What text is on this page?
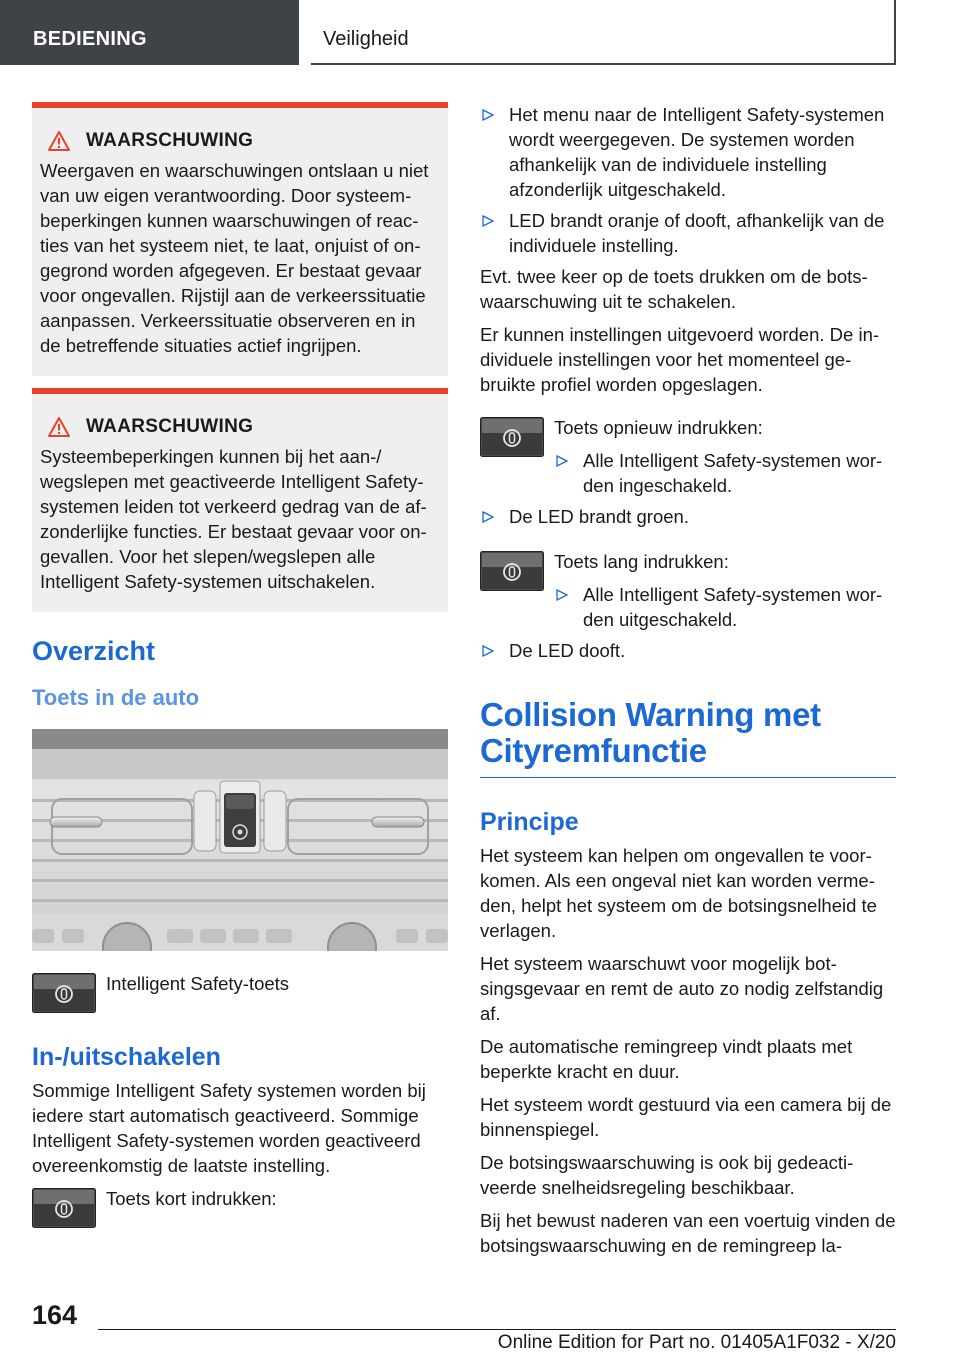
BEDIENING	Veiligheid
WAARSCHUWING
Weergaven en waarschuwingen ontslaan u niet van uw eigen verantwoording. Door systeembeperkingen kunnen waarschuwingen of reacties van het systeem niet, te laat, onjuist of ongegrond worden afgegeven. Er bestaat gevaar voor ongevallen. Rijstijl aan de verkeerssituatie aanpassen. Verkeerssituatie observeren en in de betreffende situaties actief ingrijpen.
WAARSCHUWING
Systeembeperkingen kunnen bij het aan-/ wegslepen met geactiveerde Intelligent Safety-systemen leiden tot verkeerd gedrag van de afzonderlijke functies. Er bestaat gevaar voor ongevallen. Voor het slepen/wegslepen alle Intelligent Safety-systemen uitschakelen.
Overzicht
Toets in de auto
Intelligent Safety-toets
In-/uitschakelen
Sommige Intelligent Safety systemen worden bij iedere start automatisch geactiveerd. Sommige Intelligent Safety-systemen worden geactiveerd overeenkomstig de laatste instelling.
Toets kort indrukken:
Het menu naar de Intelligent Safety-systemen wordt weergegeven. De systemen worden afhankelijk van de individuele instelling afzonderlijk uitgeschakeld.
LED brandt oranje of dooft, afhankelijk van de individuele instelling.
Evt. twee keer op de toets drukken om de botswaarschuwing uit te schakelen.
Er kunnen instellingen uitgevoerd worden. De individuele instellingen voor het momenteel gebruikte profiel worden opgeslagen.
Toets opnieuw indrukken:
Alle Intelligent Safety-systemen worden ingeschakeld.
De LED brandt groen.
Toets lang indrukken:
Alle Intelligent Safety-systemen worden uitgeschakeld.
De LED dooft.
Collision Warning met Cityremfunctie
Principe
Het systeem kan helpen om ongevallen te voorkomen. Als een ongeval niet kan worden vermeden, helpt het systeem om de botsingsnelheid te verlagen.
Het systeem waarschuwt voor mogelijk botsingsgevaar en remt de auto zo nodig zelfstandig af.
De automatische remingreep vindt plaats met beperkte kracht en duur.
Het systeem wordt gestuurd via een camera bij de binnenspiegel.
De botsingswaarschuwing is ook bij gedeactiveerde snelheidsregeling beschikbaar.
Bij het bewust naderen van een voertuig vinden de botsingswaarschuwing en de remingreep la-
164
Online Edition for Part no. 01405A1F032 - X/20
